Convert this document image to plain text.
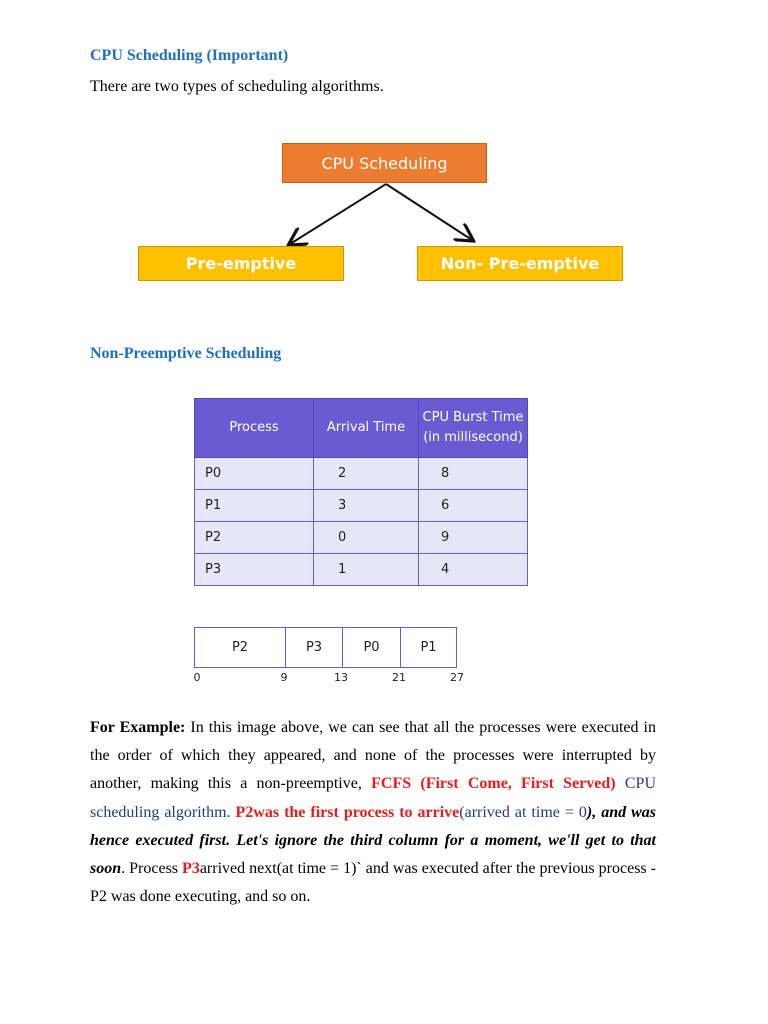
CPU Scheduling (Important)

There are two types of scheduling algorithms.

CPU Scheduling
Pre-emptive	Non- Pre-emptive
Non-Preemptive Scheduling
Process	Arrival Time	CPU Burst Time
(in millisecond)
P0	2	8
P1	3	6
P2	0	9
P3	1	4
P2	P3	P0	P1
0	9	13	21	27

For Example: In this image above, we can see that all the processes were executed in the order of which they appeared, and none of the processes were interrupted by another, making this a non-preemptive, FCFS (First Come, First Served) CPU scheduling algorithm. P2was the first process to arrive(arrived at time = 0), and was hence executed first. Let's ignore the third column for a moment, we'll get to that soon. Process P3arrived next(at time = 1)` and was executed after the previous process - P2 was done executing, and so on.
